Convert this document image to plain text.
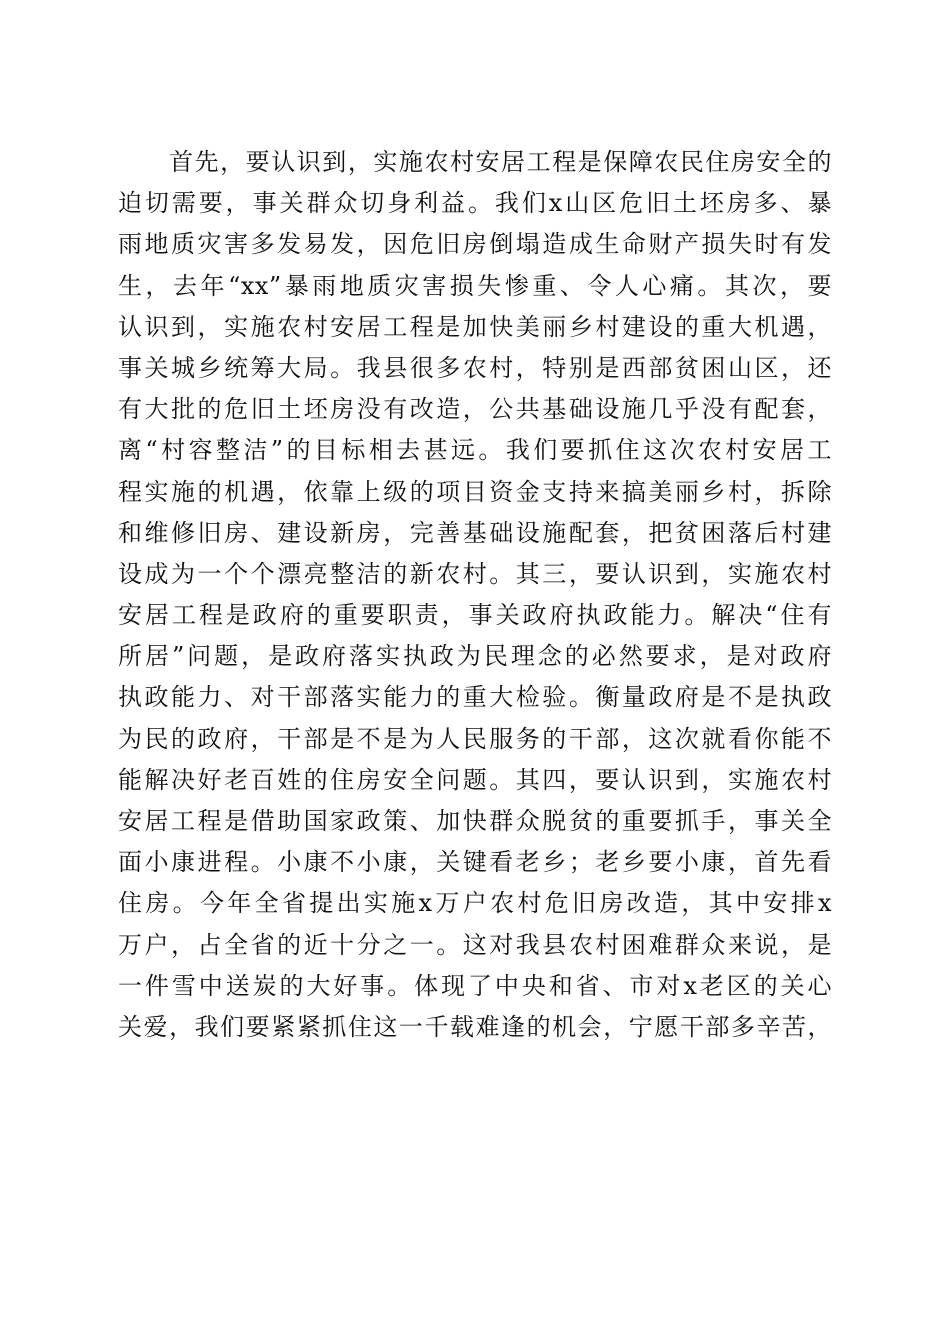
　　首先，要认识到，实施农村安居工程是保障农民住房安全的
迫切需要，事关群众切身利益。我们x山区危旧土坯房多、暴
雨地质灾害多发易发，因危旧房倒塌造成生命财产损失时有发
生，去年“xx”暴雨地质灾害损失惨重、令人心痛。其次，要
认识到，实施农村安居工程是加快美丽乡村建设的重大机遇，
事关城乡统筹大局。我县很多农村，特别是西部贫困山区，还
有大批的危旧土坯房没有改造，公共基础设施几乎没有配套，
离“村容整洁”的目标相去甚远。我们要抓住这次农村安居工
程实施的机遇，依靠上级的项目资金支持来搞美丽乡村，拆除
和维修旧房、建设新房，完善基础设施配套，把贫困落后村建
设成为一个个漂亮整洁的新农村。其三，要认识到，实施农村
安居工程是政府的重要职责，事关政府执政能力。解决“住有
所居”问题，是政府落实执政为民理念的必然要求，是对政府
执政能力、对干部落实能力的重大检验。衡量政府是不是执政
为民的政府，干部是不是为人民服务的干部，这次就看你能不
能解决好老百姓的住房安全问题。其四，要认识到，实施农村
安居工程是借助国家政策、加快群众脱贫的重要抓手，事关全
面小康进程。小康不小康，关键看老乡；老乡要小康，首先看
住房。今年全省提出实施x万户农村危旧房改造，其中安排x
万户，占全省的近十分之一。这对我县农村困难群众来说，是
一件雪中送炭的大好事。体现了中央和省、市对x老区的关心
关爱，我们要紧紧抓住这一千载难逢的机会，宁愿干部多辛苦，
